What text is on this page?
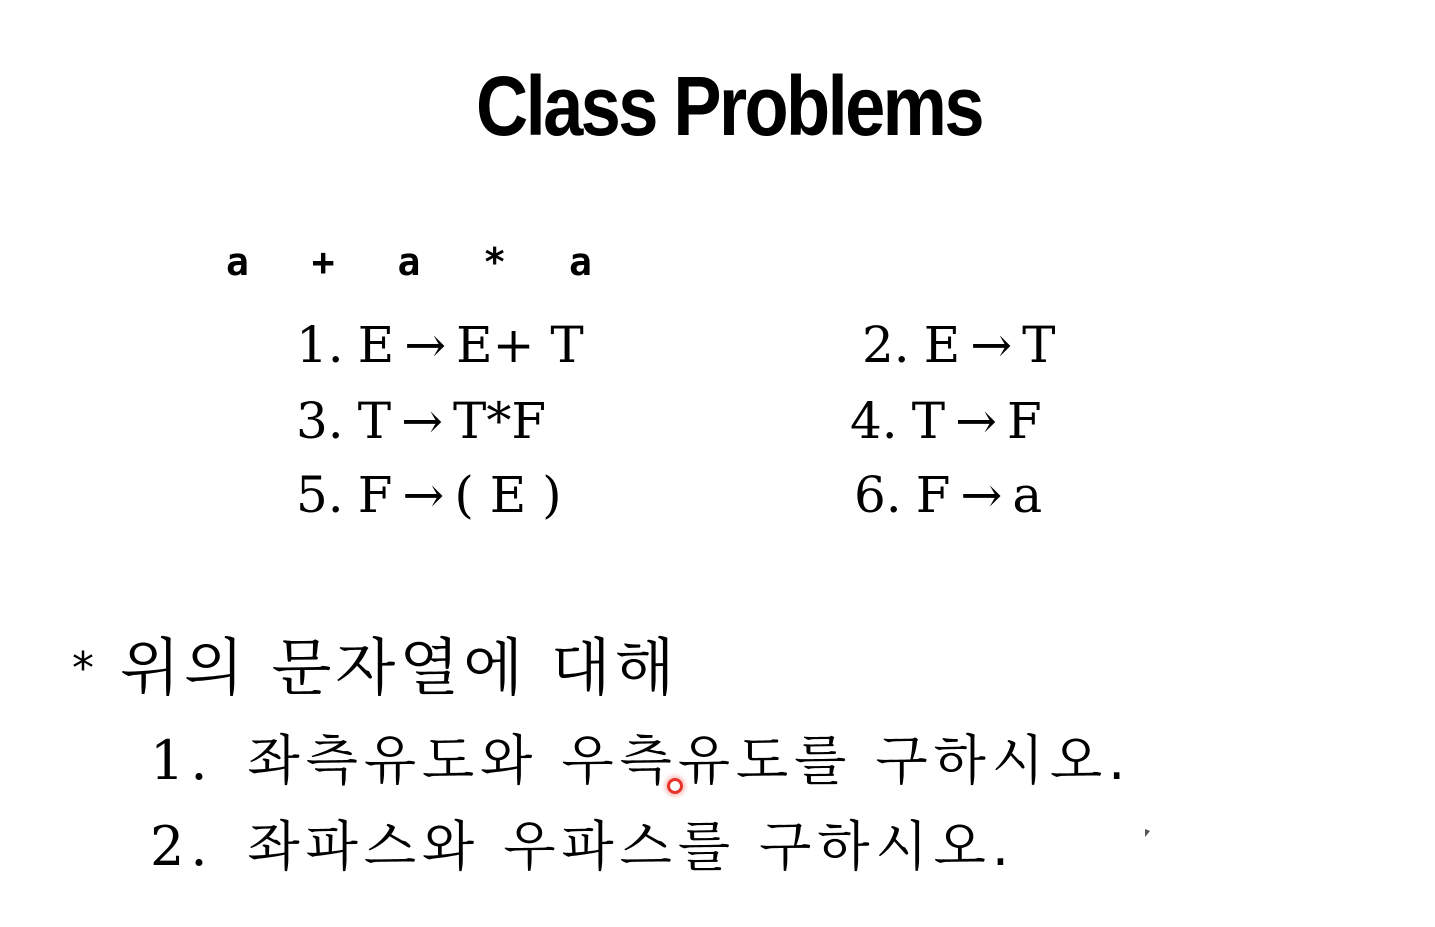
Class Problems
a + a * a
1. E → E+ T	2. E → T
3. T → T*F	4. T → F
5. F → ( E )	6. F → a
* 위의 문자열에 대해
1. 좌측유도와 우측유도를 구하시오.
2. 좌파스와 우파스를 구하시오.
